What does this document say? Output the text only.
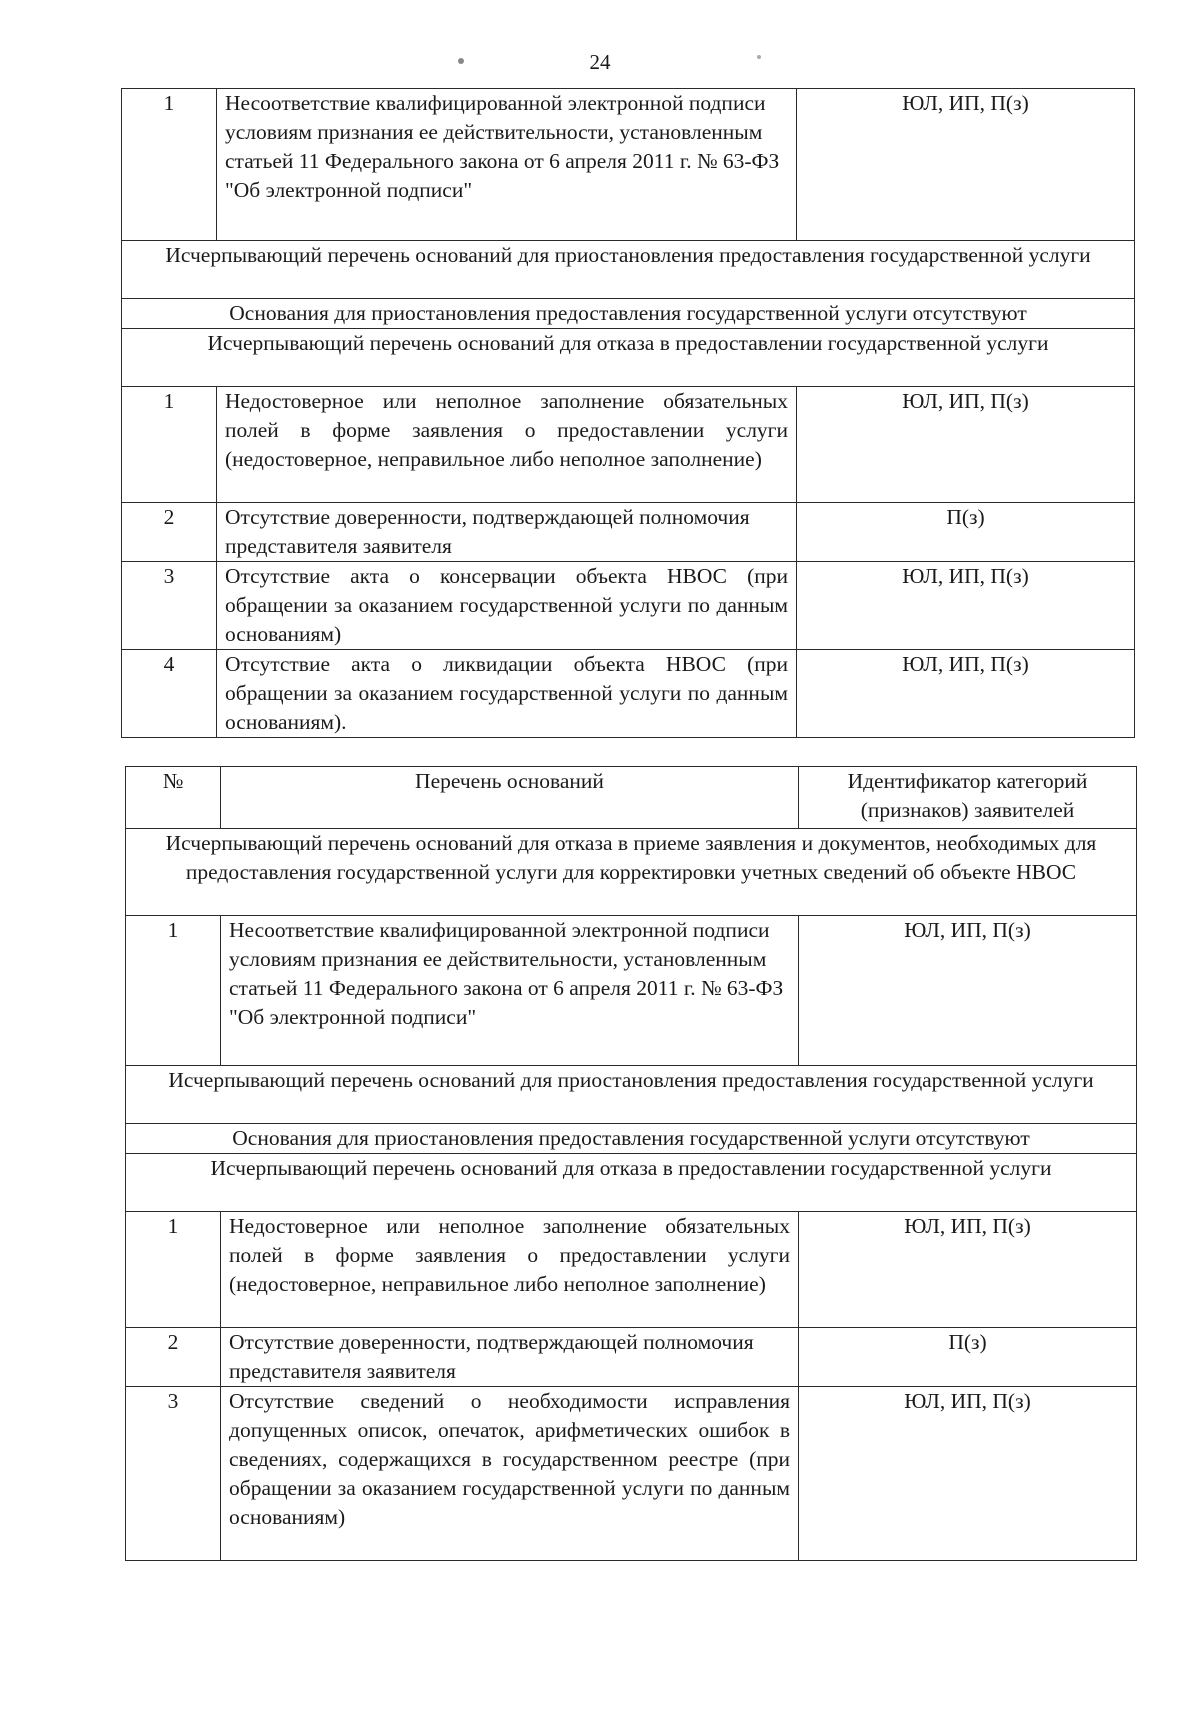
24
1	Несоответствие квалифицированной электронной подписи условиям признания ее действительности, установленным статьей 11 Федерального закона от 6 апреля 2011 г. № 63-ФЗ "Об электронной подписи"	ЮЛ, ИП, П(з)
Исчерпывающий перечень оснований для приостановления предоставления государственной услуги		
Основания для приостановления предоставления государственной услуги отсутствуют		
Исчерпывающий перечень оснований для отказа в предоставлении государственной услуги		
1	Недостоверное или неполное заполнение обязательных полей в форме заявления о предоставлении услуги (недостоверное, неправильное либо неполное заполнение)	ЮЛ, ИП, П(з)
2	Отсутствие доверенности, подтверждающей полномочия представителя заявителя	П(з)
3	Отсутствие акта о консервации объекта НВОС (при обращении за оказанием государственной услуги по данным основаниям)	ЮЛ, ИП, П(з)
4	Отсутствие акта о ликвидации объекта НВОС (при обращении за оказанием государственной услуги по данным основаниям).	ЮЛ, ИП, П(з)
№	Перечень оснований	Идентификатор категорий (признаков) заявителей
Исчерпывающий перечень оснований для отказа в приеме заявления и документов, необходимых для предоставления государственной услуги для корректировки учетных сведений об объекте НВОС		
1	Несоответствие квалифицированной электронной подписи условиям признания ее действительности, установленным статьей 11 Федерального закона от 6 апреля 2011 г. № 63-ФЗ "Об электронной подписи"	ЮЛ, ИП, П(з)
Исчерпывающий перечень оснований для приостановления предоставления государственной услуги		
Основания для приостановления предоставления государственной услуги отсутствуют		
Исчерпывающий перечень оснований для отказа в предоставлении государственной услуги		
1	Недостоверное или неполное заполнение обязательных полей в форме заявления о предоставлении услуги (недостоверное, неправильное либо неполное заполнение)	ЮЛ, ИП, П(з)
2	Отсутствие доверенности, подтверждающей полномочия представителя заявителя	П(з)
3	Отсутствие сведений о необходимости исправления допущенных описок, опечаток, арифметических ошибок в сведениях, содержащихся в государственном реестре (при обращении за оказанием государственной услуги по данным основаниям)	ЮЛ, ИП, П(з)
